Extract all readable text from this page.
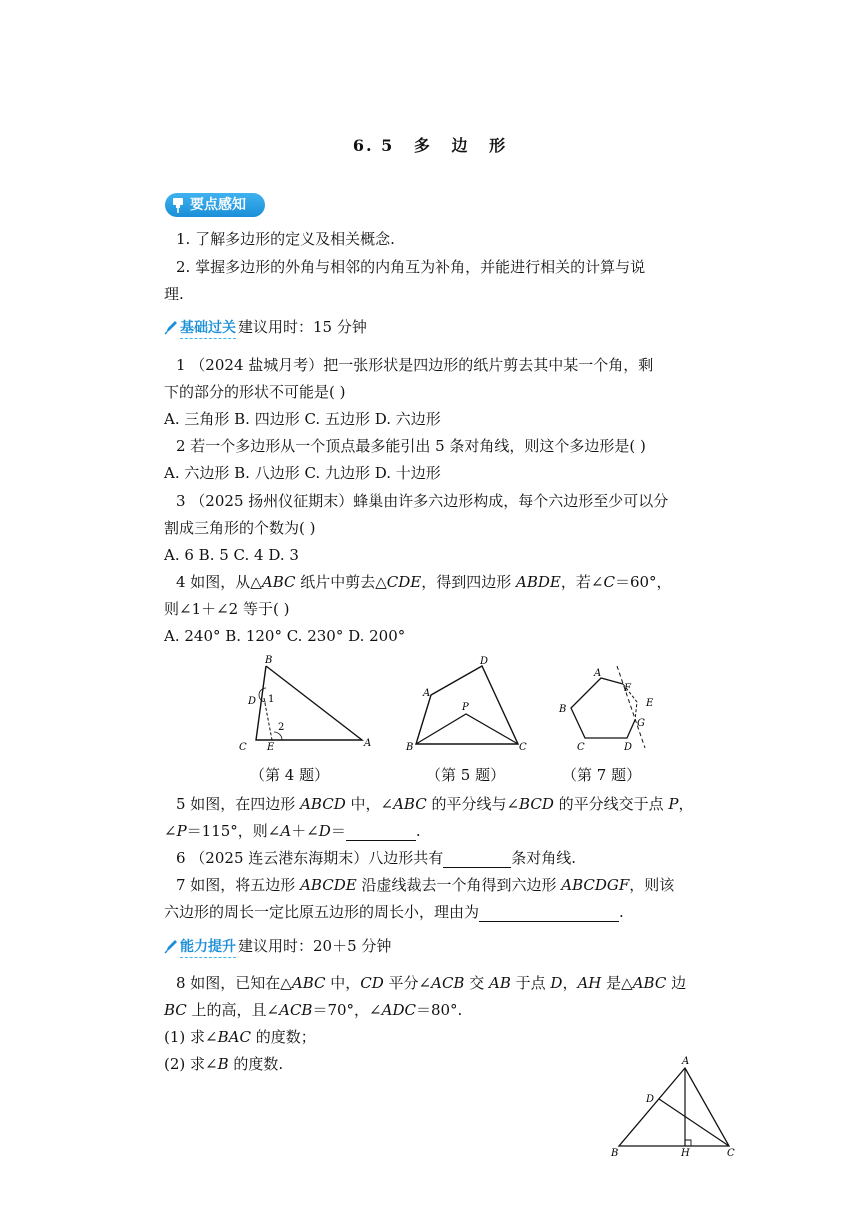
6. 5 多 边 形
要点感知
1. 了解多边形的定义及相关概念.
2. 掌握多边形的外角与相邻的内角互为补角，并能进行相关的计算与说
理.
基础过关 建议用时：15 分钟
1 （2024 盐城月考）把一张形状是四边形的纸片剪去其中某一个角，剩
下的部分的形状不可能是( )
A. 三角形 B. 四边形 C. 五边形 D. 六边形
2 若一个多边形从一个顶点最多能引出 5 条对角线，则这个多边形是( )
A. 六边形 B. 八边形 C. 九边形 D. 十边形
3 （2025 扬州仪征期末）蜂巢由许多六边形构成，每个六边形至少可以分
割成三角形的个数为( )
A. 6 B. 5 C. 4 D. 3
4 如图，从△ABC 纸片中剪去△CDE，得到四边形 ABDE，若∠C＝60°，
则∠1＋∠2 等于( )
A. 240° B. 120° C. 230° D. 200°
B
D 1
2
C E	A
A
D
P
B	C
A
F
E
G
B
C	D
（第 4 题）	（第 5 题）	（第 7 题）
5 如图，在四边形 ABCD 中，∠ABC 的平分线与∠BCD 的平分线交于点 P，
∠P＝115°，则∠A＋∠D＝	.
6 （2025 连云港东海期末）八边形共有	条对角线.
7 如图，将五边形 ABCDE 沿虚线裁去一个角得到六边形 ABCDGF，则该
六边形的周长一定比原五边形的周长小，理由为	.
能力提升 建议用时：20＋5 分钟
8 如图，已知在△ABC 中，CD 平分∠ACB 交 AB 于点 D，AH 是△ABC 边
BC 上的高，且∠ACB＝70°，∠ADC＝80°.
(1) 求∠BAC 的度数；
(2) 求∠B 的度数.	A
D
B	H	C
